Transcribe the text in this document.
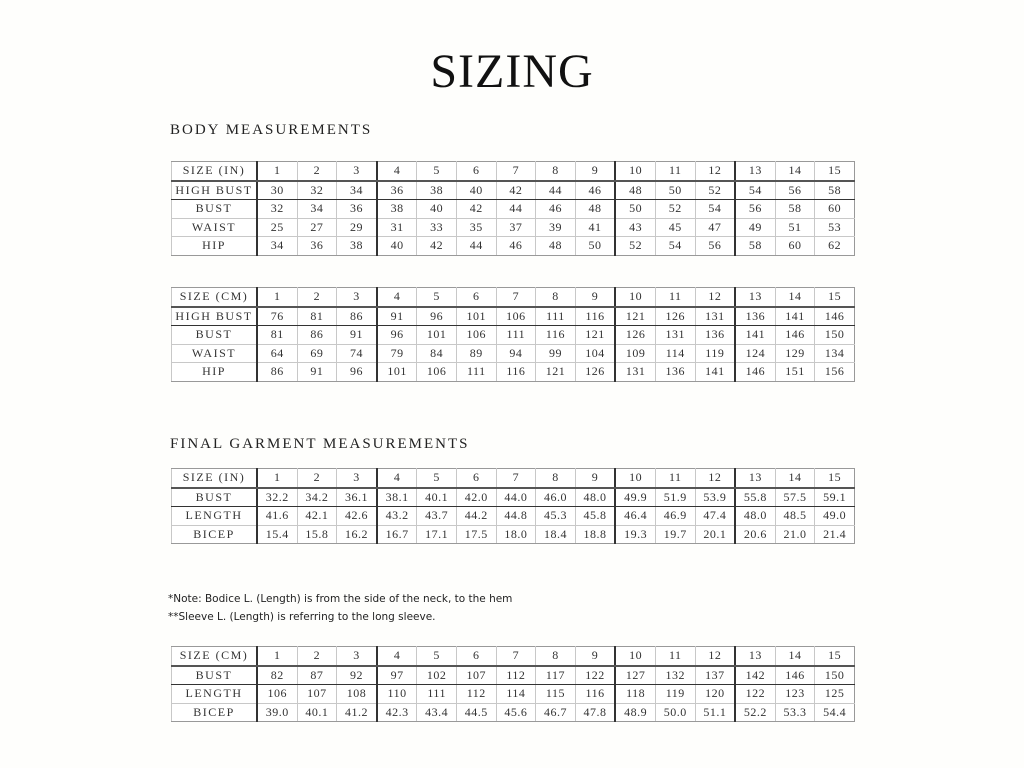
SIZING
BODY MEASUREMENTS
SIZE (IN)	1	2	3	4	5	6	7	8	9	10	11	12	13	14	15
HIGH BUST	30	32	34	36	38	40	42	44	46	48	50	52	54	56	58
BUST	32	34	36	38	40	42	44	46	48	50	52	54	56	58	60
WAIST	25	27	29	31	33	35	37	39	41	43	45	47	49	51	53
HIP	34	36	38	40	42	44	46	48	50	52	54	56	58	60	62
SIZE (CM)	1	2	3	4	5	6	7	8	9	10	11	12	13	14	15
HIGH BUST	76	81	86	91	96	101	106	111	116	121	126	131	136	141	146
BUST	81	86	91	96	101	106	111	116	121	126	131	136	141	146	150
WAIST	64	69	74	79	84	89	94	99	104	109	114	119	124	129	134
HIP	86	91	96	101	106	111	116	121	126	131	136	141	146	151	156
FINAL GARMENT MEASUREMENTS
SIZE (IN)	1	2	3	4	5	6	7	8	9	10	11	12	13	14	15
BUST	32.2	34.2	36.1	38.1	40.1	42.0	44.0	46.0	48.0	49.9	51.9	53.9	55.8	57.5	59.1
LENGTH	41.6	42.1	42.6	43.2	43.7	44.2	44.8	45.3	45.8	46.4	46.9	47.4	48.0	48.5	49.0
BICEP	15.4	15.8	16.2	16.7	17.1	17.5	18.0	18.4	18.8	19.3	19.7	20.1	20.6	21.0	21.4

*Note: Bodice L. (Length) is from the side of the neck, to the hem

**Sleeve L. (Length) is referring to the long sleeve.

SIZE (CM)	1	2	3	4	5	6	7	8	9	10	11	12	13	14	15
BUST	82	87	92	97	102	107	112	117	122	127	132	137	142	146	150
LENGTH	106	107	108	110	111	112	114	115	116	118	119	120	122	123	125
BICEP	39.0	40.1	41.2	42.3	43.4	44.5	45.6	46.7	47.8	48.9	50.0	51.1	52.2	53.3	54.4
